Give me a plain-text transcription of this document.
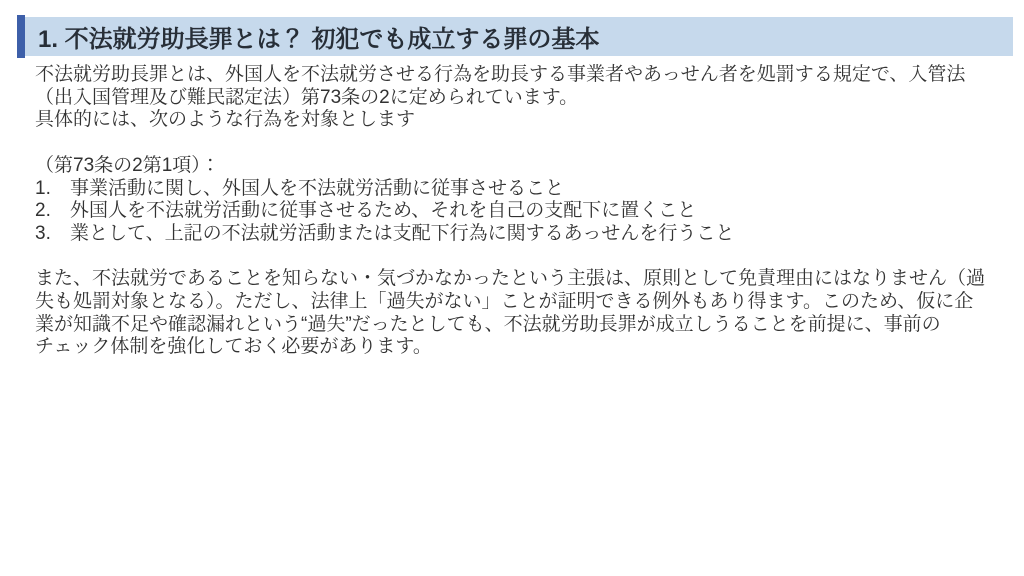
1. 不法就労助長罪とは？ 初犯でも成立する罪の基本
不法就労助長罪とは、外国人を不法就労させる行為を助長する事業者やあっせん者を処罰する規定で、入管法
（出入国管理及び難民認定法）第73条の2に定められています。
具体的には、次のような行為を対象とします
（第73条の2第1項）：
1.	事業活動に関し、外国人を不法就労活動に従事させること
2.	外国人を不法就労活動に従事させるため、それを自己の支配下に置くこと
3.	業として、上記の不法就労活動または支配下行為に関するあっせんを行うこと
また、不法就労であることを知らない・気づかなかったという主張は、原則として免責理由にはなりません（過
失も処罰対象となる）。ただし、法律上「過失がない」ことが証明できる例外もあり得ます。このため、仮に企
業が知識不足や確認漏れという“過失”だったとしても、不法就労助長罪が成立しうることを前提に、事前の
チェック体制を強化しておく必要があります。
